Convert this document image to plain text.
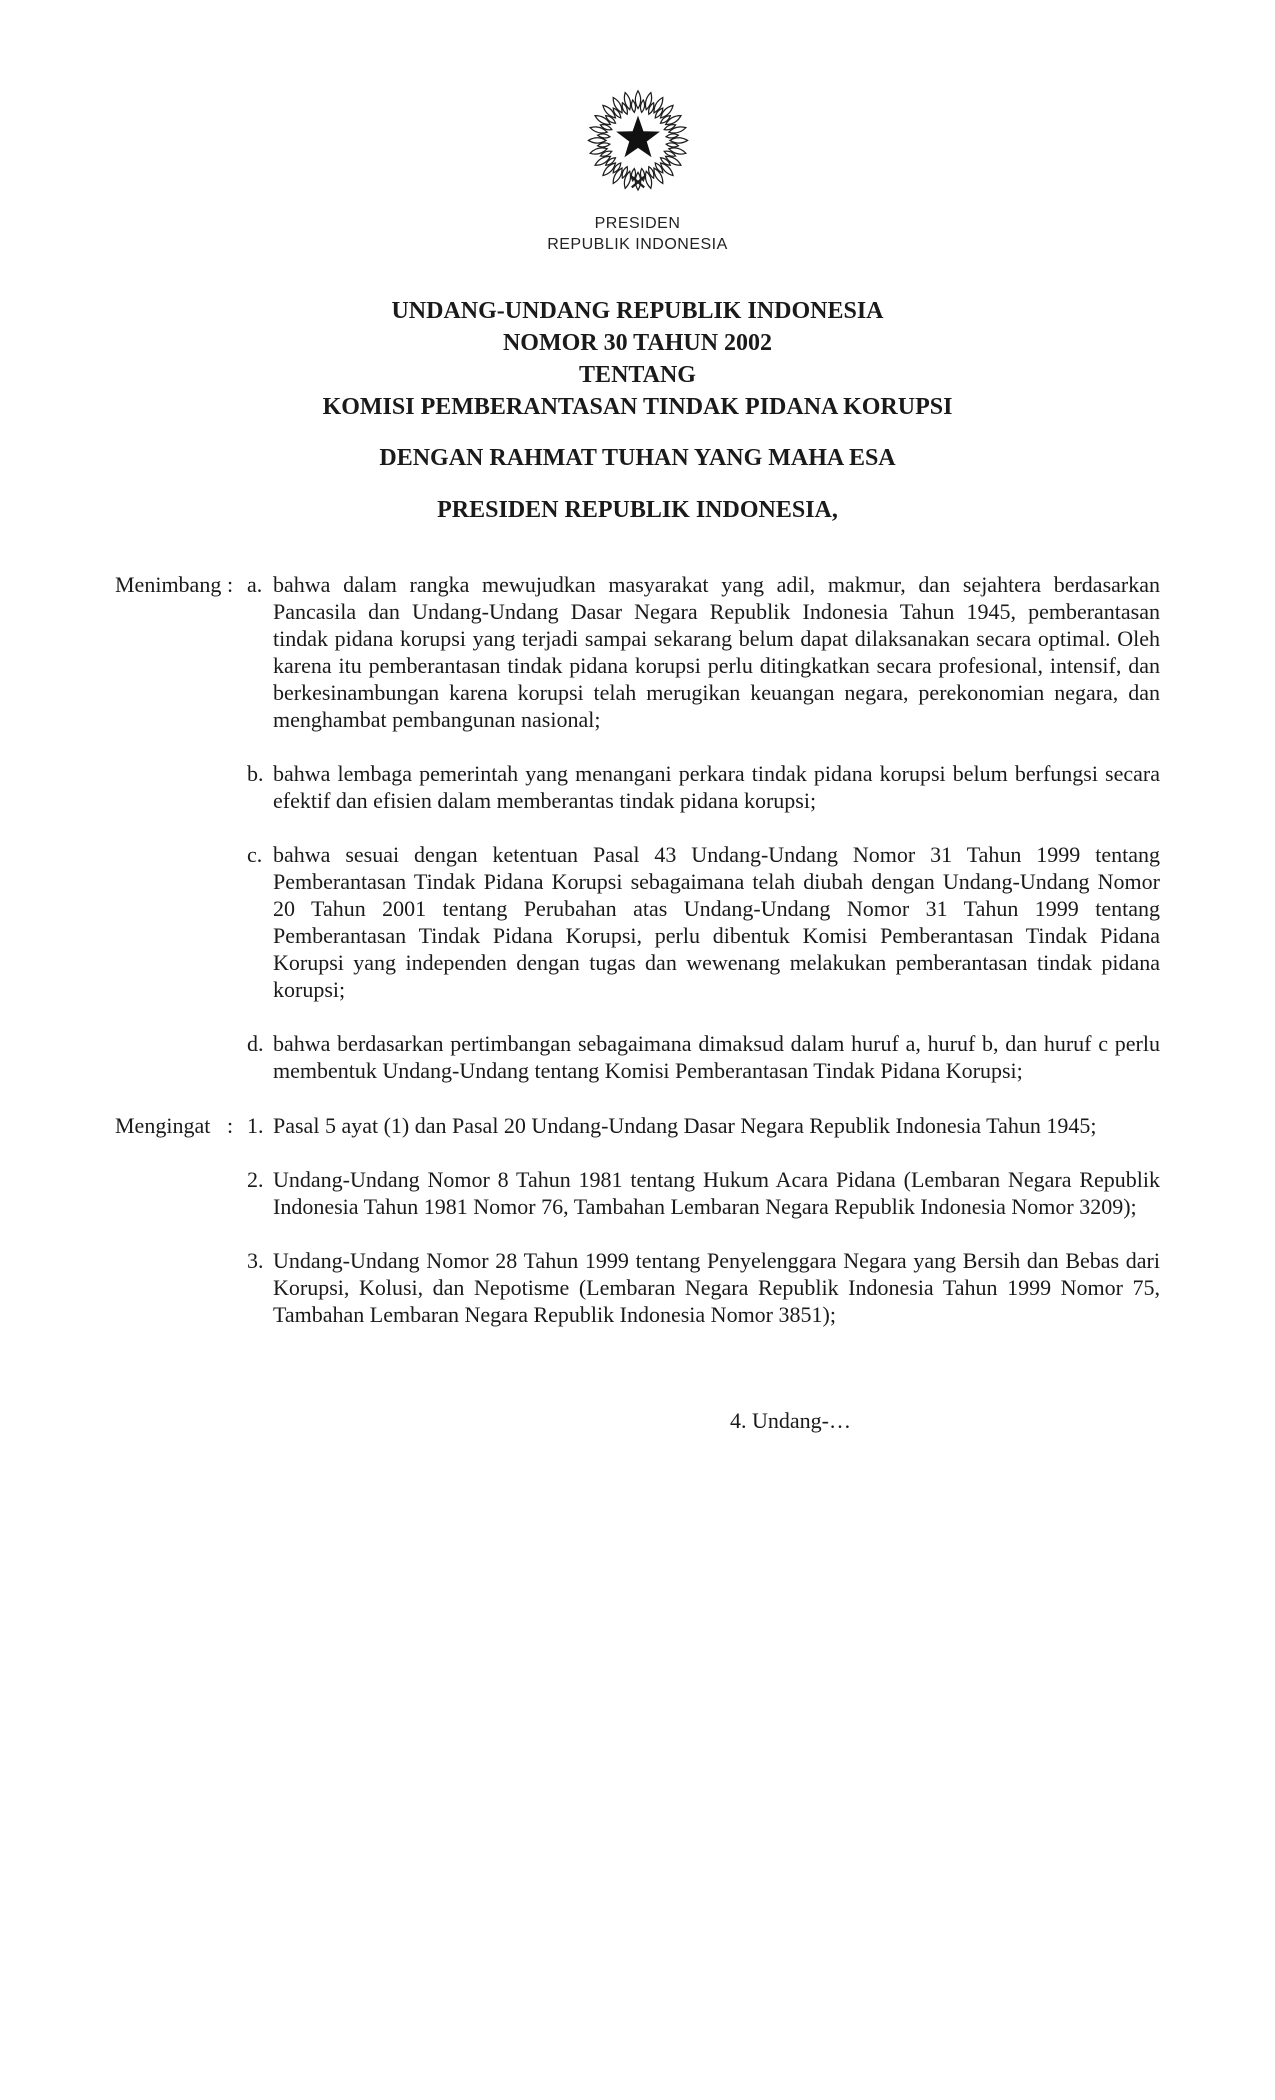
PRESIDEN
REPUBLIK INDONESIA
UNDANG-UNDANG REPUBLIK INDONESIA
NOMOR 30 TAHUN 2002
TENTANG
KOMISI PEMBERANTASAN TINDAK PIDANA KORUPSI
DENGAN RAHMAT TUHAN YANG MAHA ESA
PRESIDEN REPUBLIK INDONESIA,
Menimbang : a. bahwa dalam rangka mewujudkan masyarakat yang adil, makmur, dan sejahtera berdasarkan Pancasila dan Undang-Undang Dasar Negara Republik Indonesia Tahun 1945, pemberantasan tindak pidana korupsi yang terjadi sampai sekarang belum dapat dilaksanakan secara optimal. Oleh karena itu pemberantasan tindak pidana korupsi perlu ditingkatkan secara profesional, intensif, dan berkesinambungan karena korupsi telah merugikan keuangan negara, perekonomian negara, dan menghambat pembangunan nasional;

b. bahwa lembaga pemerintah yang menangani perkara tindak pidana korupsi belum berfungsi secara efektif dan efisien dalam memberantas tindak pidana korupsi;

c. bahwa sesuai dengan ketentuan Pasal 43 Undang-Undang Nomor 31 Tahun 1999 tentang Pemberantasan Tindak Pidana Korupsi sebagaimana telah diubah dengan Undang-Undang Nomor 20 Tahun 2001 tentang Perubahan atas Undang-Undang Nomor 31 Tahun 1999 tentang Pemberantasan Tindak Pidana Korupsi, perlu dibentuk Komisi Pemberantasan Tindak Pidana Korupsi yang independen dengan tugas dan wewenang melakukan pemberantasan tindak pidana korupsi;

d. bahwa berdasarkan pertimbangan sebagaimana dimaksud dalam huruf a, huruf b, dan huruf c perlu membentuk Undang-Undang tentang Komisi Pemberantasan Tindak Pidana Korupsi;

Mengingat : 1. Pasal 5 ayat (1) dan Pasal 20 Undang-Undang Dasar Negara Republik Indonesia Tahun 1945;

2. Undang-Undang Nomor 8 Tahun 1981 tentang Hukum Acara Pidana (Lembaran Negara Republik Indonesia Tahun 1981 Nomor 76, Tambahan Lembaran Negara Republik Indonesia Nomor 3209);

3. Undang-Undang Nomor 28 Tahun 1999 tentang Penyelenggara Negara yang Bersih dan Bebas dari Korupsi, Kolusi, dan Nepotisme (Lembaran Negara Republik Indonesia Tahun 1999 Nomor 75, Tambahan Lembaran Negara Republik Indonesia Nomor 3851);

4. Undang-…
